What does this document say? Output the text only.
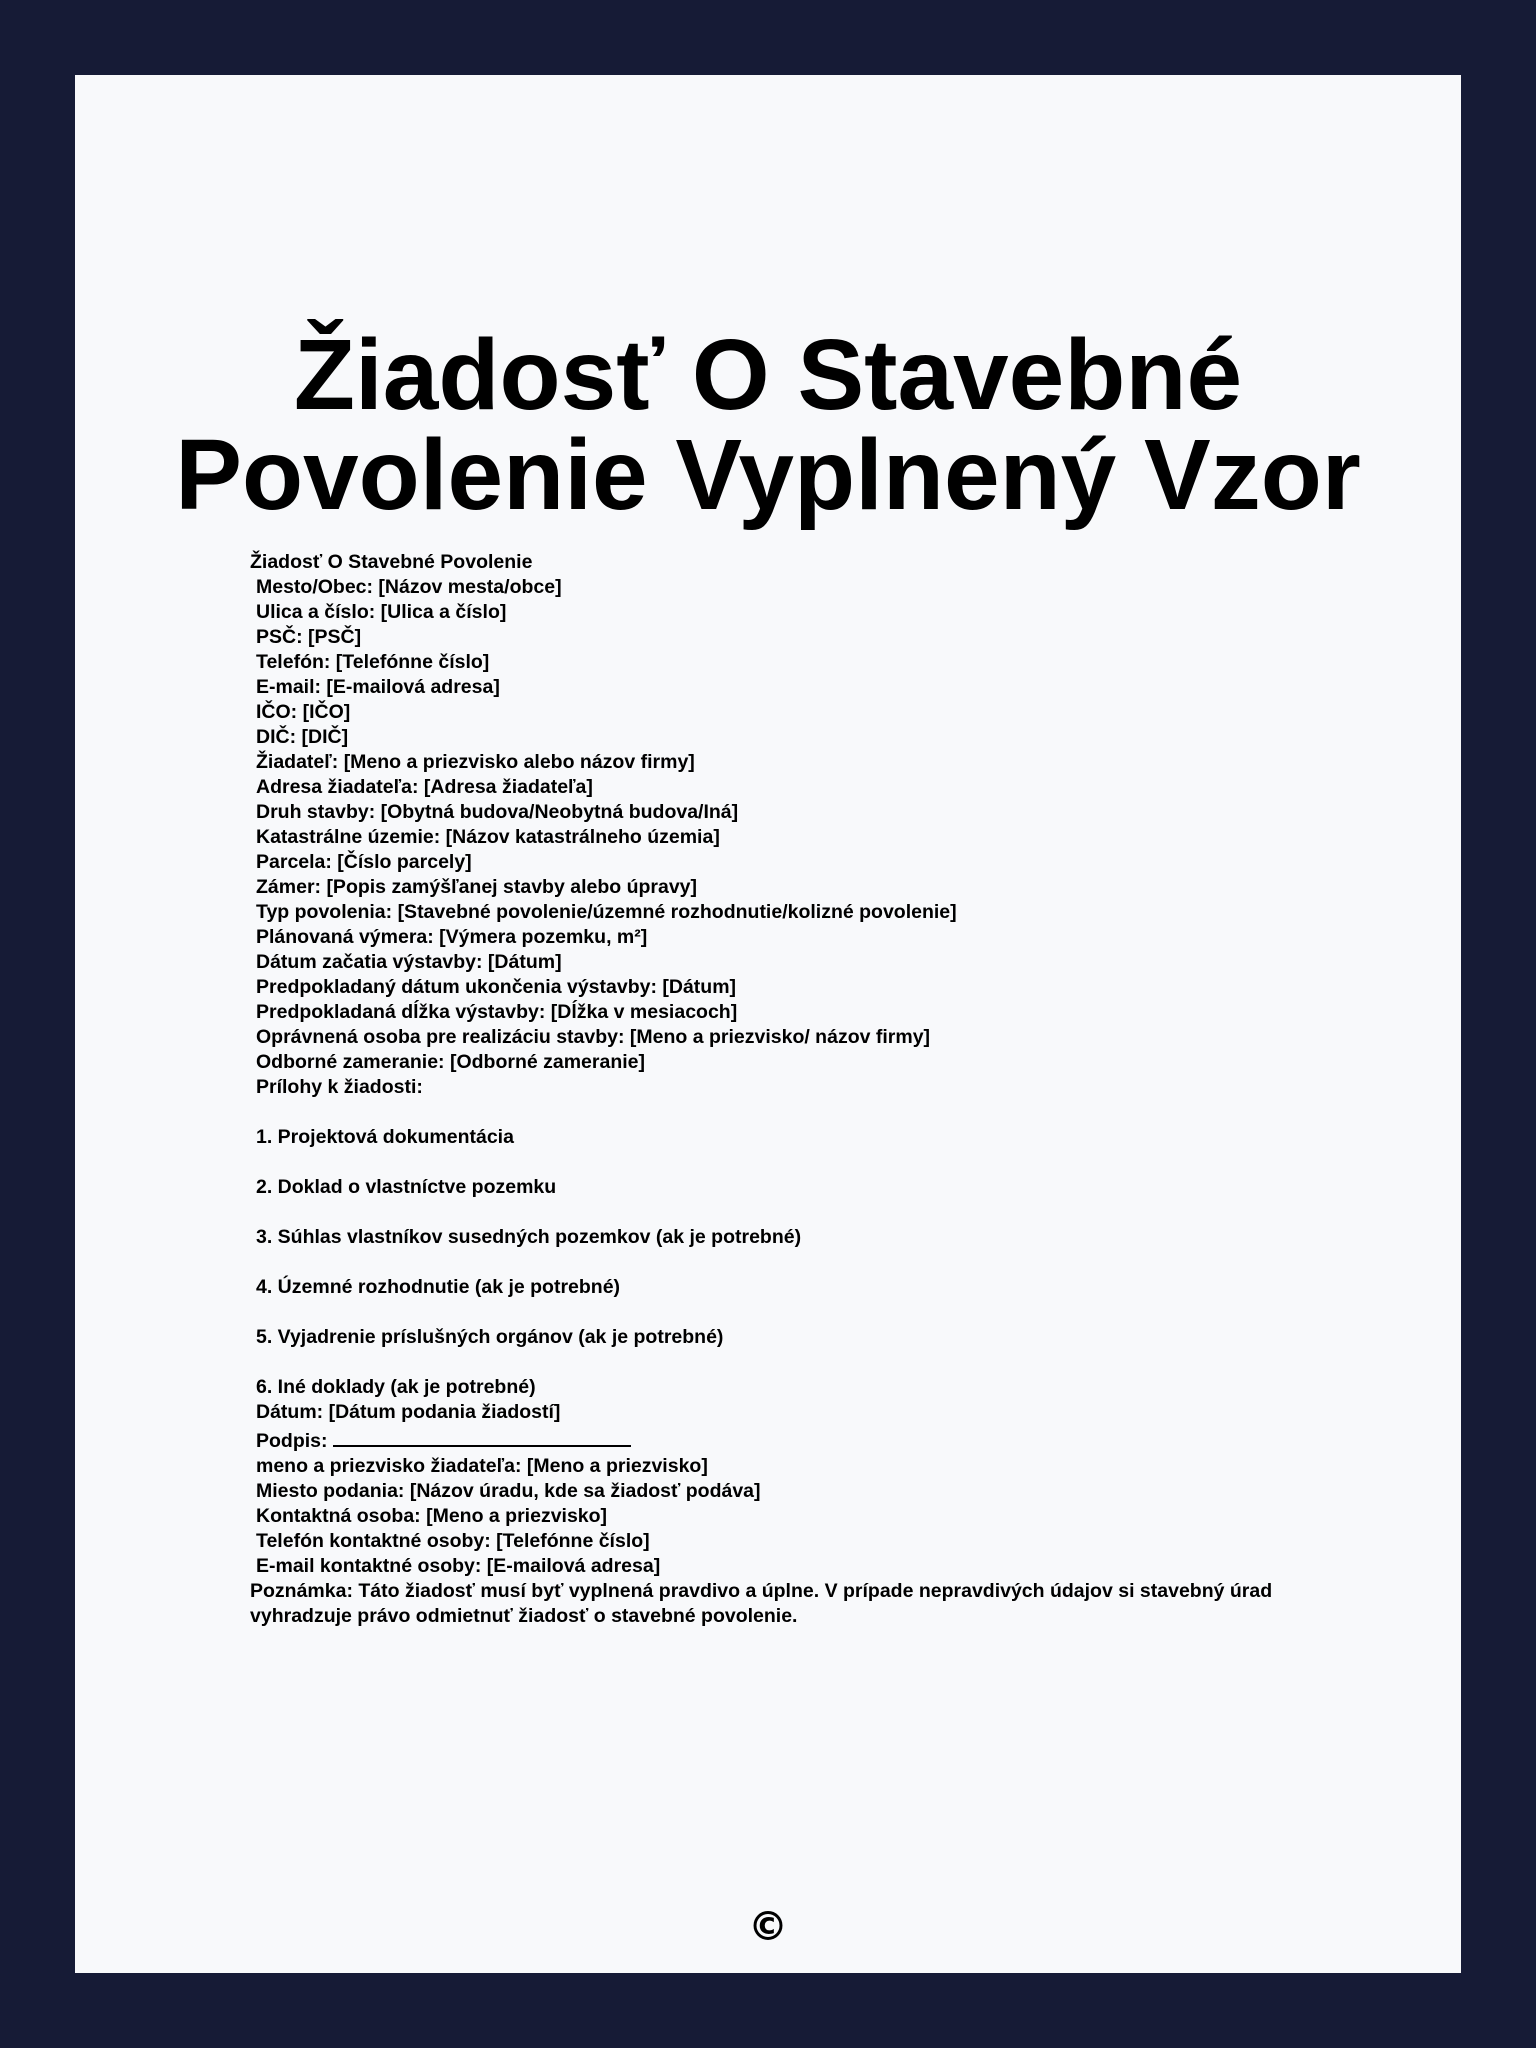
Žiadosť O Stavebné
Povolenie Vyplnený Vzor
Žiadosť O Stavebné Povolenie
Mesto/Obec: [Názov mesta/obce]
Ulica a číslo: [Ulica a číslo]
PSČ: [PSČ]
Telefón: [Telefónne číslo]
E-mail: [E-mailová adresa]
IČO: [IČO]
DIČ: [DIČ]
Žiadateľ: [Meno a priezvisko alebo názov firmy]
Adresa žiadateľa: [Adresa žiadateľa]
Druh stavby: [Obytná budova/Neobytná budova/Iná]
Katastrálne územie: [Názov katastrálneho územia]
Parcela: [Číslo parcely]
Zámer: [Popis zamýšľanej stavby alebo úpravy]
Typ povolenia: [Stavebné povolenie/územné rozhodnutie/kolizné povolenie]
Plánovaná výmera: [Výmera pozemku, m²]
Dátum začatia výstavby: [Dátum]
Predpokladaný dátum ukončenia výstavby: [Dátum]
Predpokladaná dĺžka výstavby: [Dĺžka v mesiacoch]
Oprávnená osoba pre realizáciu stavby: [Meno a priezvisko/ názov firmy]
Odborné zameranie: [Odborné zameranie]
Prílohy k žiadosti:
1. Projektová dokumentácia
2. Doklad o vlastníctve pozemku
3. Súhlas vlastníkov susedných pozemkov (ak je potrebné)
4. Územné rozhodnutie (ak je potrebné)
5. Vyjadrenie príslušných orgánov (ak je potrebné)
6. Iné doklady (ak je potrebné)
Dátum: [Dátum podania žiadostí]
Podpis:
meno a priezvisko žiadateľa: [Meno a priezvisko]
Miesto podania: [Názov úradu, kde sa žiadosť podáva]
Kontaktná osoba: [Meno a priezvisko]
Telefón kontaktné osoby: [Telefónne číslo]
E-mail kontaktné osoby: [E-mailová adresa]
Poznámka: Táto žiadosť musí byť vyplnená pravdivo a úplne. V prípade nepravdivých údajov si stavebný úrad vyhradzuje právo odmietnuť žiadosť o stavebné povolenie.
©
